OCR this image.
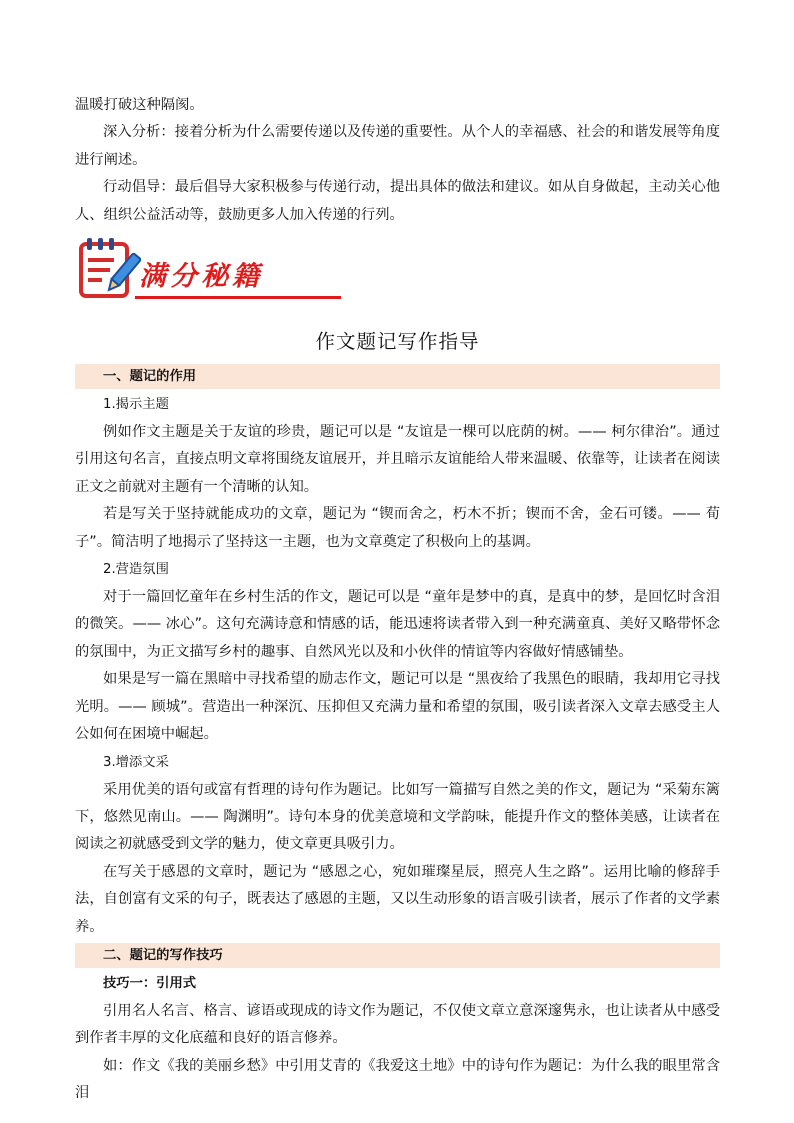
温暖打破这种隔阂。

深入分析：接着分析为什么需要传递以及传递的重要性。从个人的幸福感、社会的和谐发展等角度进行阐述。

行动倡导：最后倡导大家积极参与传递行动，提出具体的做法和建议。如从自身做起，主动关心他人、组织公益活动等，鼓励更多人加入传递的行列。

满分秘籍
作文题记写作指导
一、题记的作用

1.揭示主题

例如作文主题是关于友谊的珍贵，题记可以是 “友谊是一棵可以庇荫的树。—— 柯尔律治”。通过引用这句名言，直接点明文章将围绕友谊展开，并且暗示友谊能给人带来温暖、依靠等，让读者在阅读正文之前就对主题有一个清晰的认知。

若是写关于坚持就能成功的文章，题记为 “锲而舍之，朽木不折；锲而不舍，金石可镂。—— 荀子”。简洁明了地揭示了坚持这一主题，也为文章奠定了积极向上的基调。

2.营造氛围

对于一篇回忆童年在乡村生活的作文，题记可以是 “童年是梦中的真，是真中的梦，是回忆时含泪的微笑。—— 冰心”。这句充满诗意和情感的话，能迅速将读者带入到一种充满童真、美好又略带怀念的氛围中，为正文描写乡村的趣事、自然风光以及和小伙伴的情谊等内容做好情感铺垫。

如果是写一篇在黑暗中寻找希望的励志作文，题记可以是 “黑夜给了我黑色的眼睛，我却用它寻找光明。—— 顾城”。营造出一种深沉、压抑但又充满力量和希望的氛围，吸引读者深入文章去感受主人公如何在困境中崛起。

3.增添文采

采用优美的语句或富有哲理的诗句作为题记。比如写一篇描写自然之美的作文，题记为 “采菊东篱下，悠然见南山。—— 陶渊明”。诗句本身的优美意境和文学韵味，能提升作文的整体美感，让读者在阅读之初就感受到文学的魅力，使文章更具吸引力。

在写关于感恩的文章时，题记为 “感恩之心，宛如璀璨星辰，照亮人生之路”。运用比喻的修辞手法，自创富有文采的句子，既表达了感恩的主题，又以生动形象的语言吸引读者，展示了作者的文学素养。

二、题记的写作技巧

技巧一：引用式

引用名人名言、格言、谚语或现成的诗文作为题记，不仅使文章立意深邃隽永，也让读者从中感受到作者丰厚的文化底蕴和良好的语言修养。

如：作文《我的美丽乡愁》中引用艾青的《我爱这土地》中的诗句作为题记：为什么我的眼里常含泪
